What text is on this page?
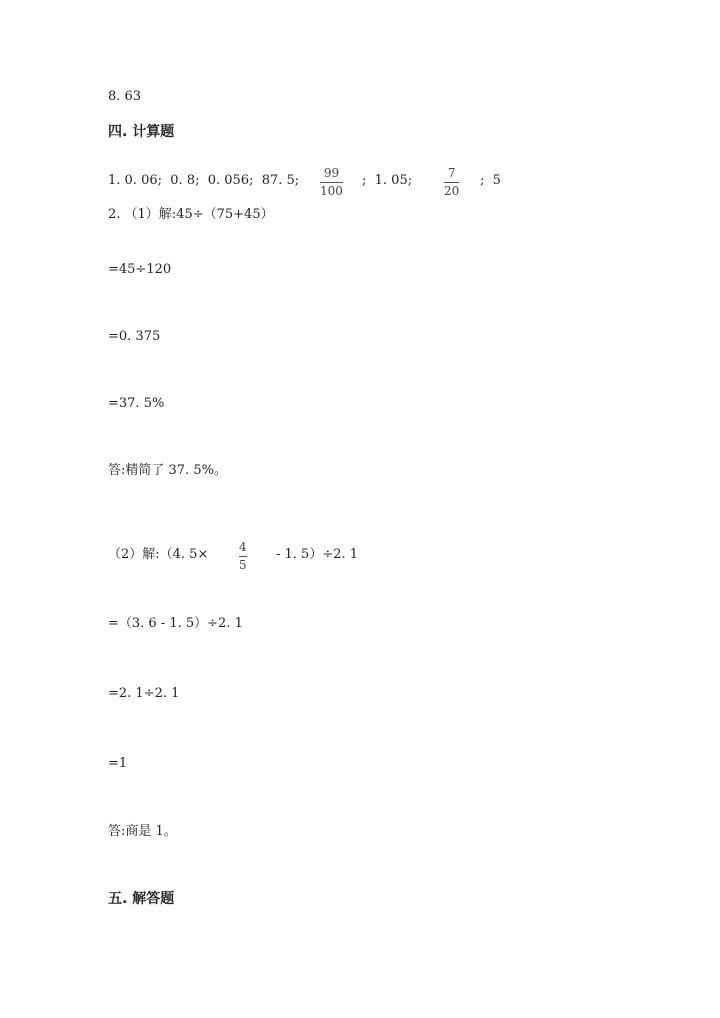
8. 63
四. 计算题
1. 0. 06;  0. 8;  0. 056;  87. 5; 99
100
;  1. 05;	7
20
;  5
2. （1）解:45÷（75+45）
=45÷120
=0. 375
=37. 5%
答:精简了 37. 5%。
（2）解:（4. 5×	4
5
- 1. 5）÷2. 1
=（3. 6 - 1. 5）÷2. 1
=2. 1÷2. 1
=1
答:商是 1。
五. 解答题
